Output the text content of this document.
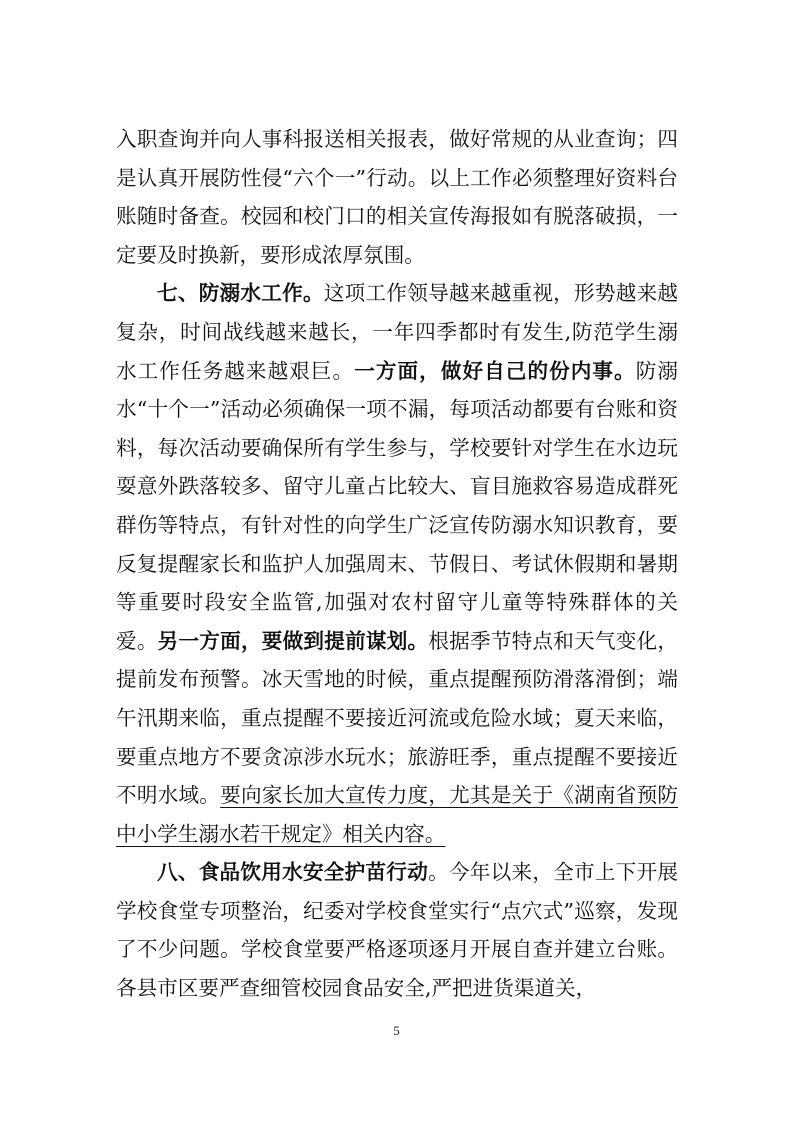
入职查询并向人事科报送相关报表，做好常规的从业查询；四是认真开展防性侵“六个一”行动。以上工作必须整理好资料台账随时备查。校园和校门口的相关宣传海报如有脱落破损，一定要及时换新，要形成浓厚氛围。

七、防溺水工作。这项工作领导越来越重视，形势越来越复杂，时间战线越来越长，一年四季都时有发生,防范学生溺水工作任务越来越艰巨。一方面，做好自己的份内事。防溺水“十个一”活动必须确保一项不漏，每项活动都要有台账和资料，每次活动要确保所有学生参与，学校要针对学生在水边玩耍意外跌落较多、留守儿童占比较大、盲目施救容易造成群死群伤等特点，有针对性的向学生广泛宣传防溺水知识教育，要反复提醒家长和监护人加强周末、节假日、考试休假期和暑期等重要时段安全监管,加强对农村留守儿童等特殊群体的关爱。另一方面，要做到提前谋划。根据季节特点和天气变化，提前发布预警。冰天雪地的时候，重点提醒预防滑落滑倒；端午汛期来临，重点提醒不要接近河流或危险水域；夏天来临，要重点地方不要贪凉涉水玩水；旅游旺季，重点提醒不要接近不明水域。要向家长加大宣传力度，尤其是关于《湖南省预防中小学生溺水若干规定》相关内容。

八、食品饮用水安全护苗行动。今年以来，全市上下开展学校食堂专项整治，纪委对学校食堂实行“点穴式”巡察，发现了不少问题。学校食堂要严格逐项逐月开展自查并建立台账。各县市区要严查细管校园食品安全,严把进货渠道关，

5
